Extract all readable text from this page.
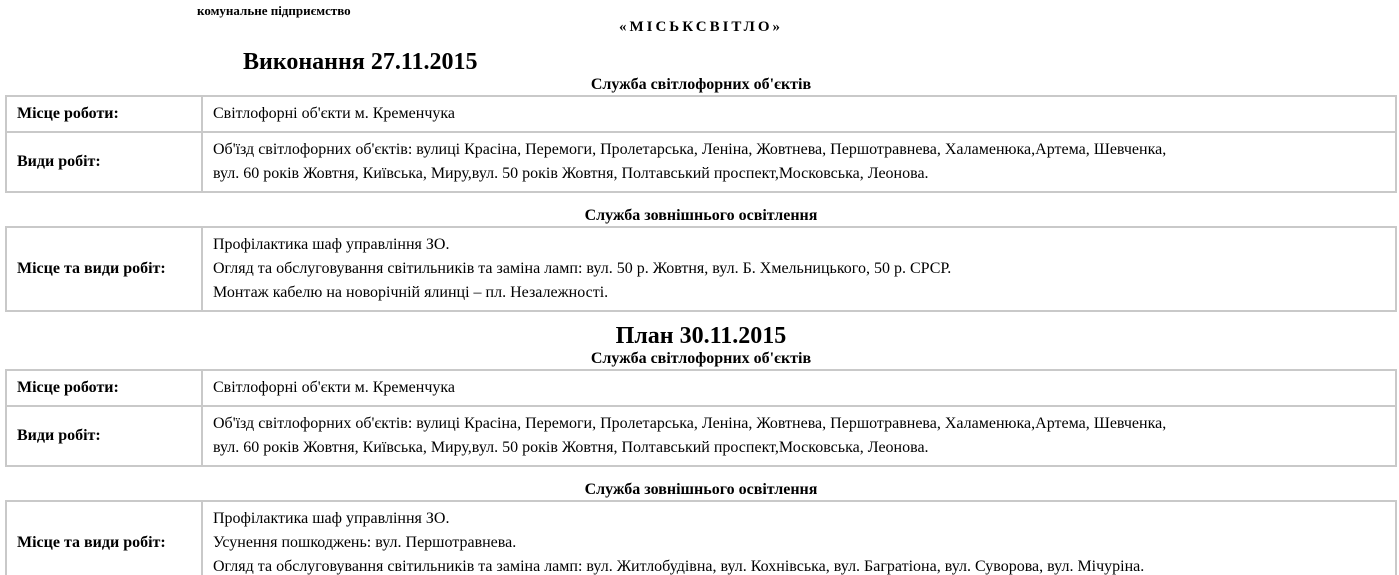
комунальне підприємство
«МІСЬКСВІТЛО»
Виконання 27.11.2015
Служба світлофорних об'єктів
Місце роботи:	Світлофорні об'єкти м. Кременчука

Види робіт:	Об'їзд світлофорних об'єктів: вулиці Красіна, Перемоги, Пролетарська, Леніна, Жовтнева, Першотравнева, Халаменюка,Артема, Шевченка,
вул. 60 років Жовтня, Київська, Миру,вул. 50 років Жовтня, Полтавський проспект,Московська, Леонова.
Служба зовнішнього освітлення
Місце та види робіт:	
Профілактика шаф управління ЗО.
Огляд та обслуговування світильників та заміна ламп: вул. 50 р. Жовтня, вул. Б. Хмельницького, 50 р. СРСР.
Монтаж кабелю на новорічній ялинці – пл. Незалежності.
План 30.11.2015
Служба світлофорних об'єктів
Місце роботи:	Світлофорні об'єкти м. Кременчука

Види робіт:	Об'їзд світлофорних об'єктів: вулиці Красіна, Перемоги, Пролетарська, Леніна, Жовтнева, Першотравнева, Халаменюка,Артема, Шевченка,
вул. 60 років Жовтня, Київська, Миру,вул. 50 років Жовтня, Полтавський проспект,Московська, Леонова.
Служба зовнішнього освітлення
Місце та види робіт:	
Профілактика шаф управління ЗО.
Усунення пошкоджень: вул. Першотравнева.
Огляд та обслуговування світильників та заміна ламп: вул. Житлобудівна, вул. Кохнівська, вул. Багратіона, вул. Суворова, вул. Мічуріна.
